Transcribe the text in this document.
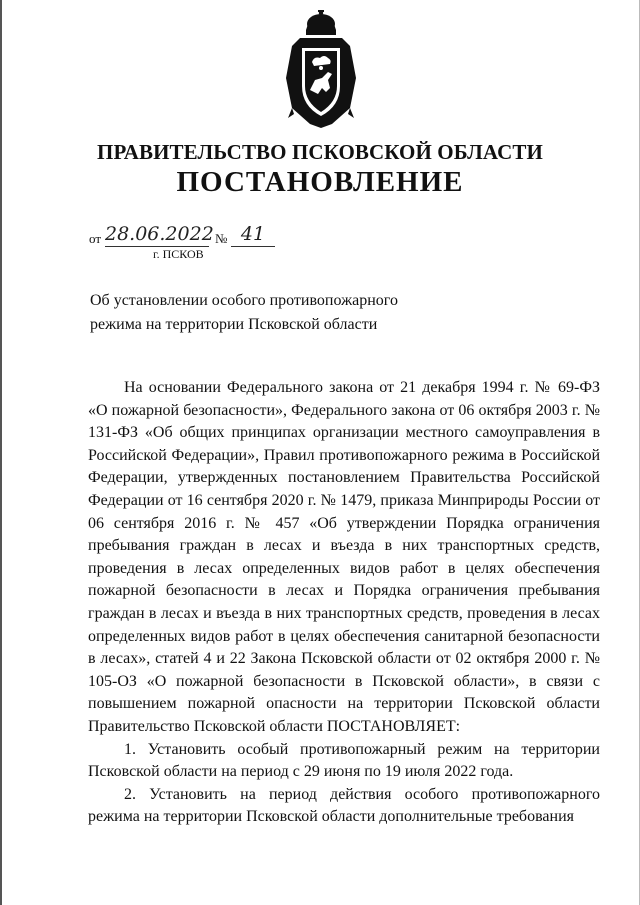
ПРАВИТЕЛЬСТВО ПСКОВСКОЙ ОБЛАСТИ
ПОСТАНОВЛЕНИЕ
от 28.06.2022 № 41
г. ПСКОВ
Об установлении особого противопожарного
режима на территории Псковской области

На основании Федерального закона от 21 декабря 1994 г. № 69-ФЗ «О пожарной безопасности», Федерального закона от 06 октября 2003 г. № 131-ФЗ «Об общих принципах организации местного самоуправления в Российской Федерации», Правил противопожарного режима в Российской Федерации, утвержденных постановлением Правительства Российской Федерации от 16 сентября 2020 г. № 1479, приказа Минприроды России от 06 сентября 2016 г. № 457 «Об утверждении Порядка ограничения пребывания граждан в лесах и въезда в них транспортных средств, проведения в лесах определенных видов работ в целях обеспечения пожарной безопасности в лесах и Порядка ограничения пребывания граждан в лесах и въезда в них транспортных средств, проведения в лесах определенных видов работ в целях обеспечения санитарной безопасности в лесах», статей 4 и 22 Закона Псковской области от 02 октября 2000 г. № 105-ОЗ «О пожарной безопасности в Псковской области», в связи с повышением пожарной опасности на территории Псковской области Правительство Псковской области ПОСТАНОВЛЯЕТ:

1. Установить особый противопожарный режим на территории Псковской области на период с 29 июня по 19 июля 2022 года.

2. Установить на период действия особого противопожарного режима на территории Псковской области дополнительные требования
